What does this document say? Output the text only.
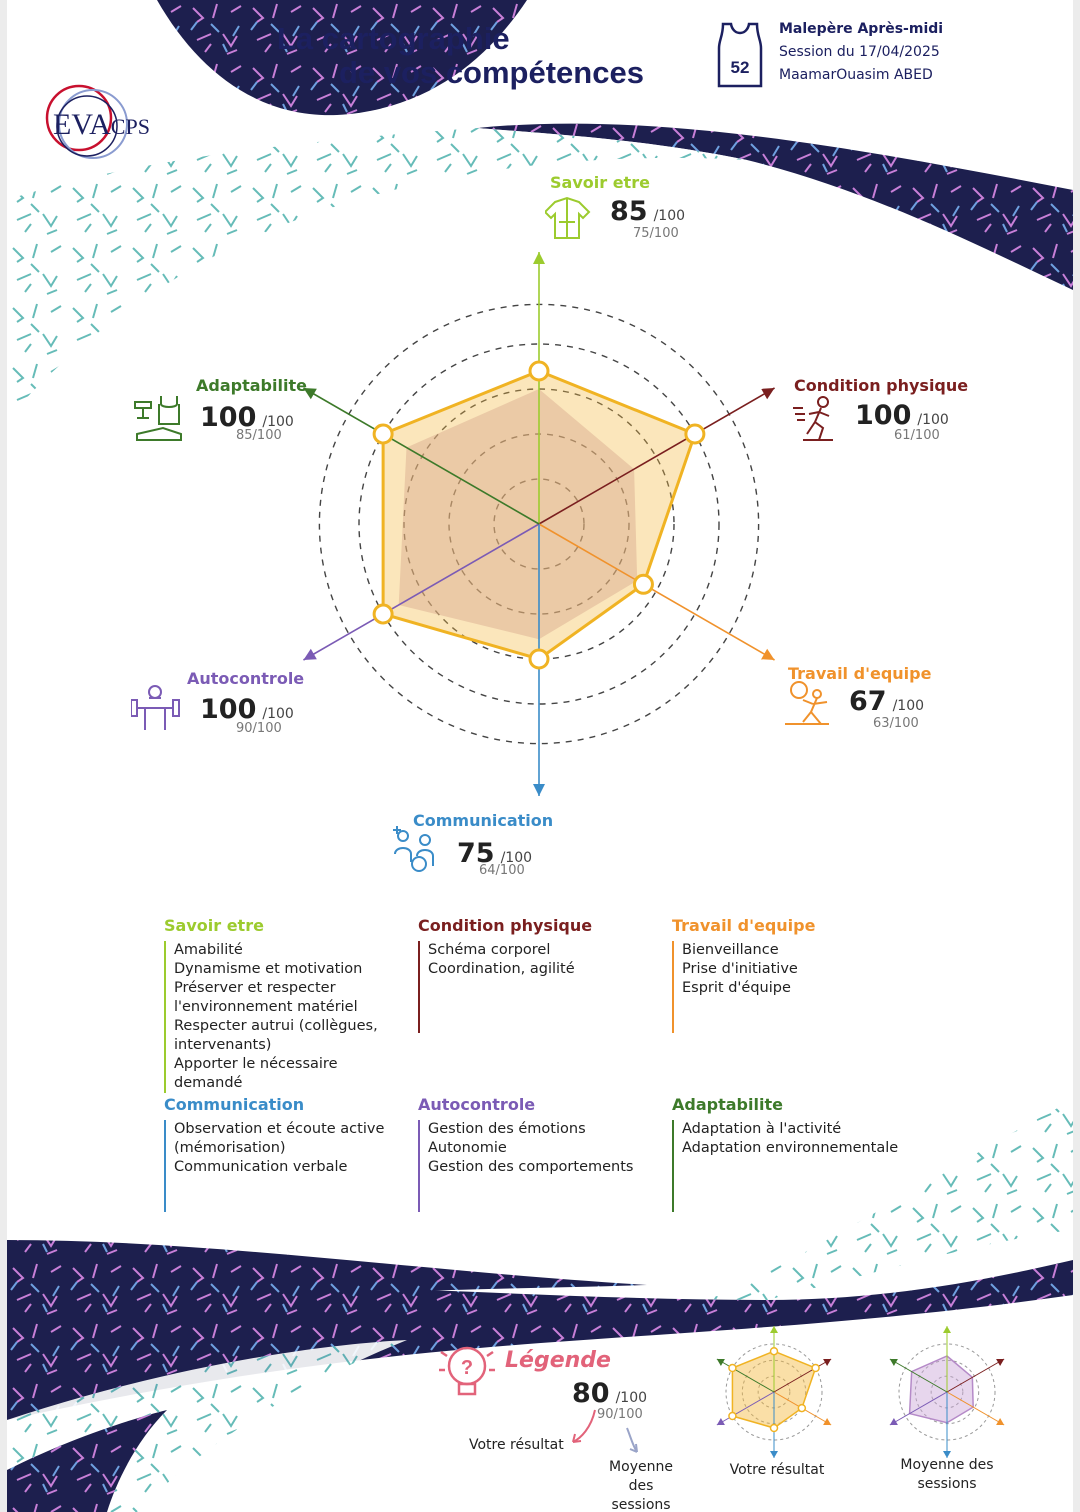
EVACPS
La cartographie
de vos compétences	52
Malepère Après-midi
Session du 17/04/2025
MaamarOuasim ABED
Savoir etre
85 /100
75/100
Condition physique
100 /100
61/100
Travail d'equipe
67 /100
63/100
Communication
75 /100
64/100
Autocontrole
100 /100
90/100
Adaptabilite
100 /100
85/100
Savoir etre
Amabilité
Dynamisme et motivation
Préserver et respecter l'environnement matériel
Respecter autrui (collègues, intervenants)
Apporter le nécessaire demandé
Condition physique
Schéma corporel
Coordination, agilité
Travail d'equipe
Bienveillance
Prise d'initiative
Esprit d'équipe
Communication
Observation et écoute active (mémorisation)
Communication verbale
Autocontrole
Gestion des émotions
Autonomie
Gestion des comportements
Adaptabilite
Adaptation à l'activité
Adaptation environnementale
? Légende
80 /100
90/100
Votre résultat
Moyenne
des sessions
Votre résultat	Moyenne des
sessions
